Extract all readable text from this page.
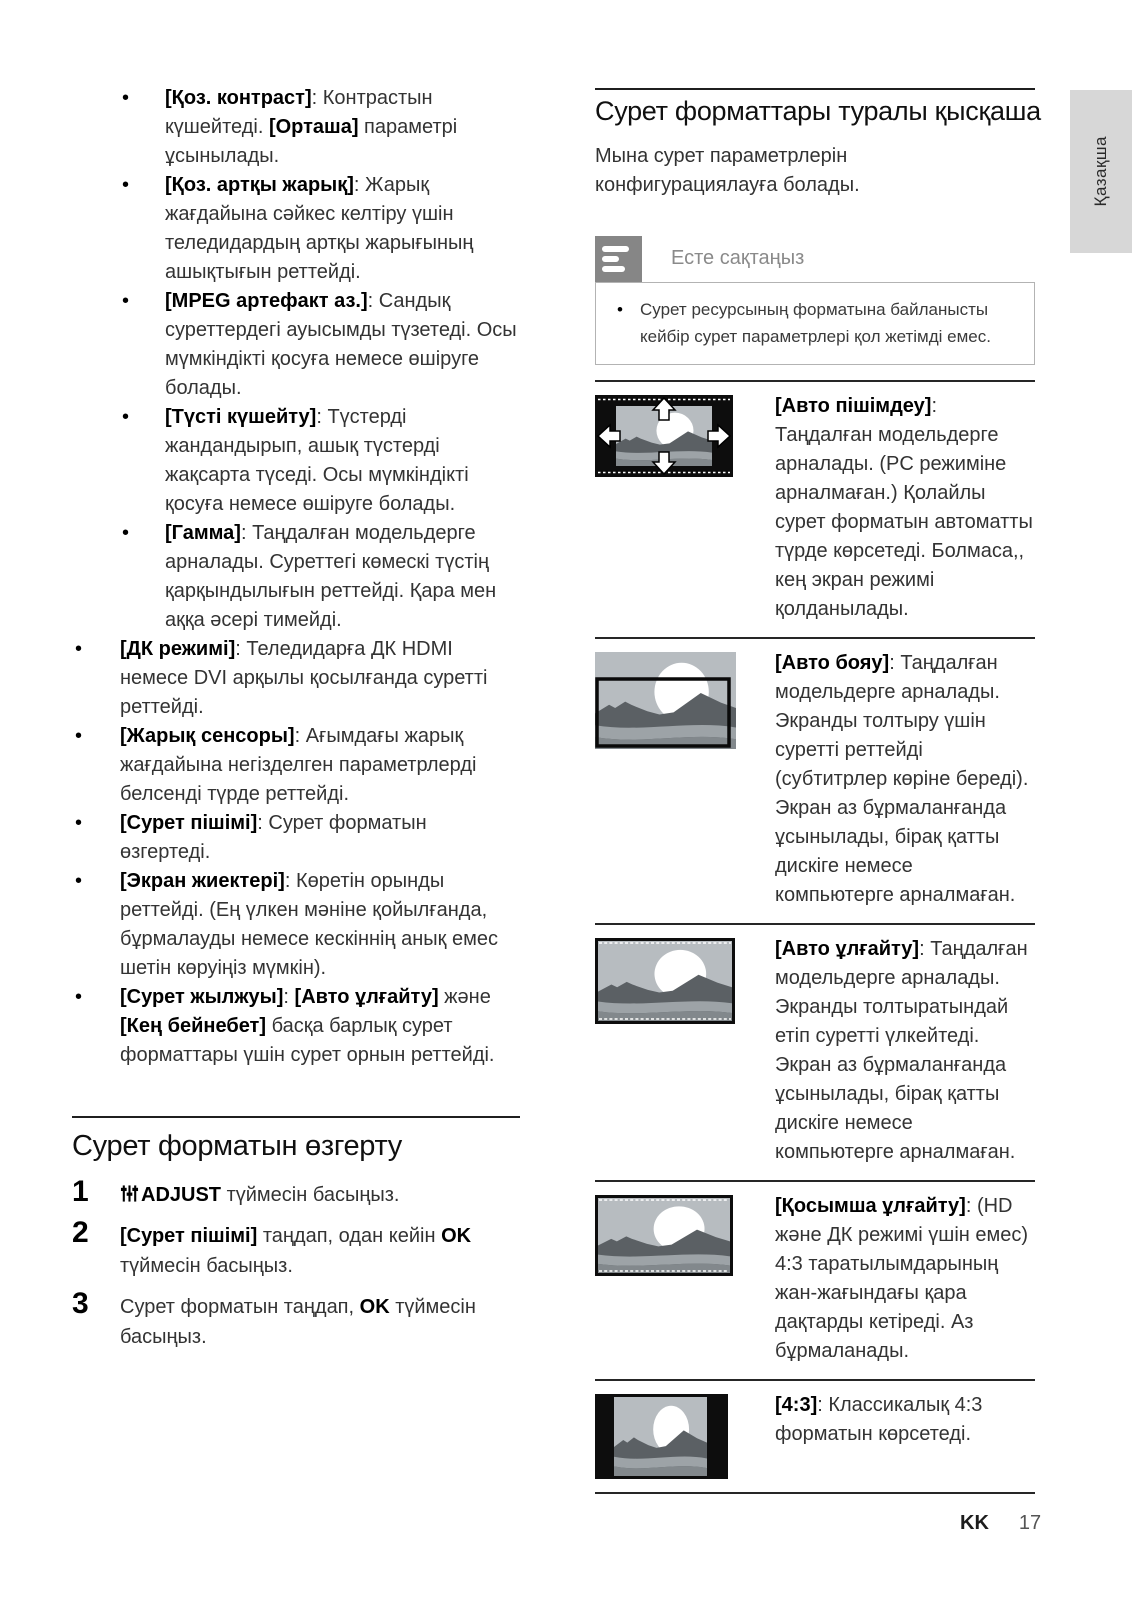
Қазақша
• [Қоз. контраст]: Контрастын күшейтеді. [Орташа] параметрі ұсынылады.
• [Қоз. артқы жарық]: Жарық жағдайына сәйкес келтіру үшін теледидардың артқы жарығының ашықтығын реттейді.
• [MPEG артефакт аз.]: Сандық суреттердегі ауысымды түзетеді. Осы мүмкіндікті қосуға немесе өшіруге болады.
• [Түсті күшейту]: Түстерді жандандырып, ашық түстерді жақсарта түседі. Осы мүмкіндікті қосуға немесе өшіруге болады.
• [Гамма]: Таңдалған модельдерге арналады. Суреттегі көмескі түстің қарқындылығын реттейді. Қара мен аққа әсері тимейді.
• [ДК режимі]: Теледидарға ДК HDMI немесе DVI арқылы қосылғанда суретті реттейді.
• [Жарық сенсоры]: Ағымдағы жарық жағдайына негізделген параметрлерді белсенді түрде реттейді.
• [Сурет пішімі]: Сурет форматын өзгертеді.
• [Экран жиектері]: Көретін орынды реттейді. (Ең үлкен мәніне қойылғанда, бұрмалауды немесе кескіннің анық емес шетін көруіңіз мүмкін).
• [Сурет жылжуы]: [Авто ұлғайту] және [Кең бейнебет] басқа барлық сурет форматтары үшін сурет орнын реттейді.
Сурет форматын өзгерту
1	ADJUST түймесін басыңыз.
2 [Сурет пішімі] таңдап, одан кейін OK түймесін басыңыз.
3 Сурет форматын таңдап, OK түймесін басыңыз.
Сурет форматтары туралы қысқаша

Мына сурет параметрлерін конфигурациялауға болады.

Есте сақтаңыз
• Сурет ресурсының форматына байланысты кейбір сурет параметрлері қол жетімді емес.
[Авто пішімдеу]: Таңдалған модельдерге арналады. (PC режиміне арналмаған.) Қолайлы сурет форматын автоматты түрде көрсетеді. Болмаса,, кең экран режимі қолданылады.
[Авто бояу]: Таңдалған модельдерге арналады. Экранды толтыру үшін суретті реттейді (субтитрлер көріне береді). Экран аз бұрмаланғанда ұсынылады, бірақ қатты дискіге немесе компьютерге арналмаған.
[Авто ұлғайту]: Таңдалған модельдерге арналады. Экранды толтыратындай етіп суретті үлкейтеді. Экран аз бұрмаланғанда ұсынылады, бірақ қатты дискіге немесе компьютерге арналмаған.
[Қосымша ұлғайту]: (HD және ДК режимі үшін емес) 4:3 таратылымдарының жан-жағындағы қара дақтарды кетіреді. Аз бұрмаланады.
[4:3]: Классикалық 4:3 форматын көрсетеді.
KK 17
